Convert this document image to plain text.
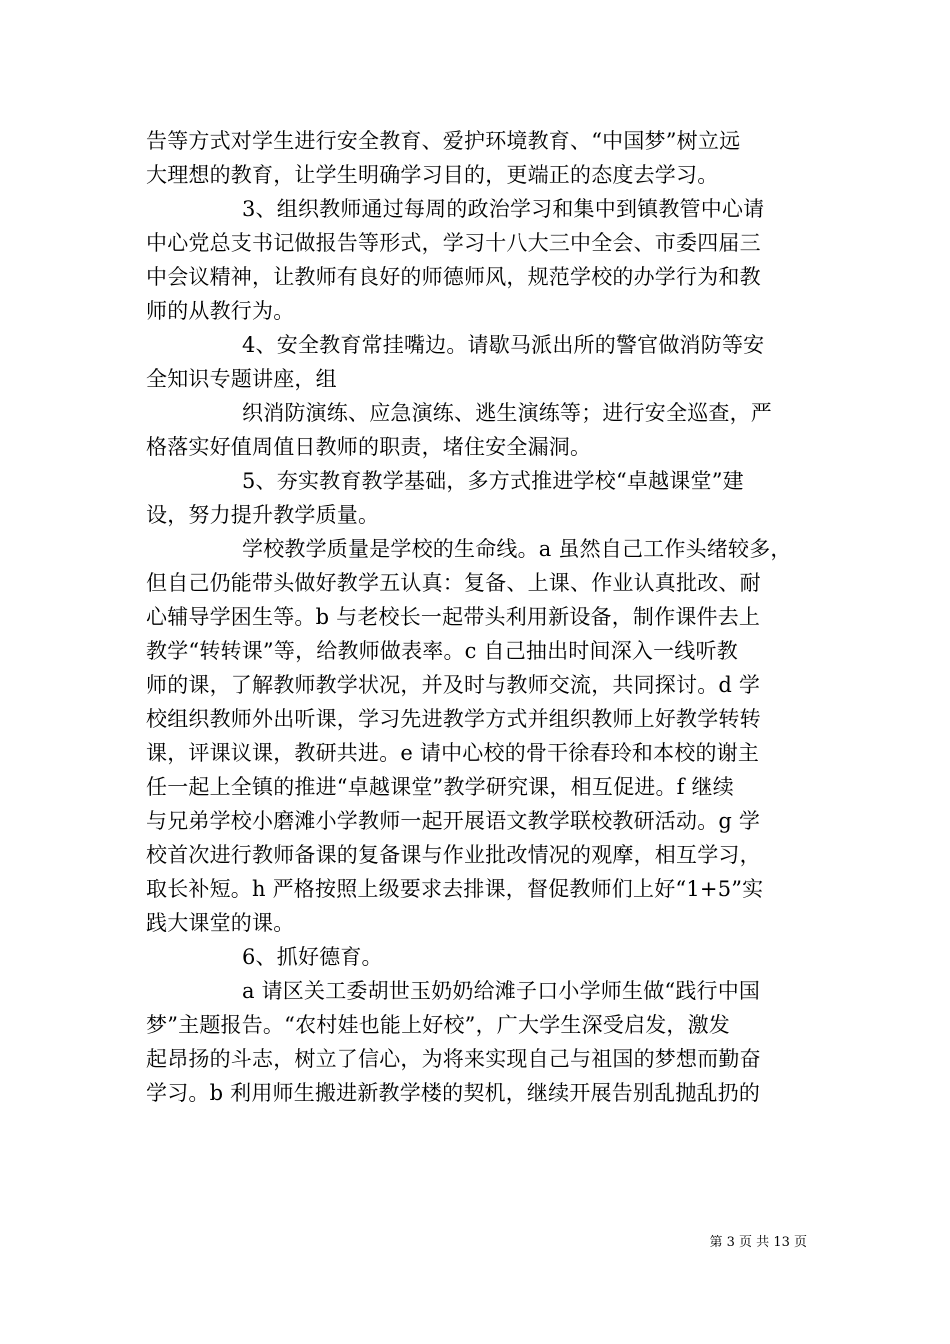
告等方式对学生进行安全教育、爱护环境教育、“中国梦”树立远
大理想的教育，让学生明确学习目的，更端正的态度去学习。
3、组织教师通过每周的政治学习和集中到镇教管中心请
中心党总支书记做报告等形式，学习十八大三中全会、市委四届三
中会议精神，让教师有良好的师德师风，规范学校的办学行为和教
师的从教行为。
4、安全教育常挂嘴边。请歇马派出所的警官做消防等安
全知识专题讲座，组
织消防演练、应急演练、逃生演练等；进行安全巡查，严
格落实好值周值日教师的职责，堵住安全漏洞。
5、夯实教育教学基础，多方式推进学校“卓越课堂”建
设，努力提升教学质量。
学校教学质量是学校的生命线。a 虽然自己工作头绪较多，
但自己仍能带头做好教学五认真：复备、上课、作业认真批改、耐
心辅导学困生等。b 与老校长一起带头利用新设备，制作课件去上
教学“转转课”等，给教师做表率。c 自己抽出时间深入一线听教
师的课，了解教师教学状况，并及时与教师交流，共同探讨。d 学
校组织教师外出听课，学习先进教学方式并组织教师上好教学转转
课，评课议课，教研共进。e 请中心校的骨干徐春玲和本校的谢主
任一起上全镇的推进“卓越课堂”教学研究课，相互促进。f 继续
与兄弟学校小磨滩小学教师一起开展语文教学联校教研活动。g 学
校首次进行教师备课的复备课与作业批改情况的观摩，相互学习，
取长补短。h 严格按照上级要求去排课，督促教师们上好“1+5”实
践大课堂的课。
6、抓好德育。
a 请区关工委胡世玉奶奶给滩子口小学师生做“践行中国
梦”主题报告。“农村娃也能上好校”，广大学生深受启发，激发
起昂扬的斗志，树立了信心，为将来实现自己与祖国的梦想而勤奋
学习。b 利用师生搬进新教学楼的契机，继续开展告别乱抛乱扔的
第 3 页 共 13 页
